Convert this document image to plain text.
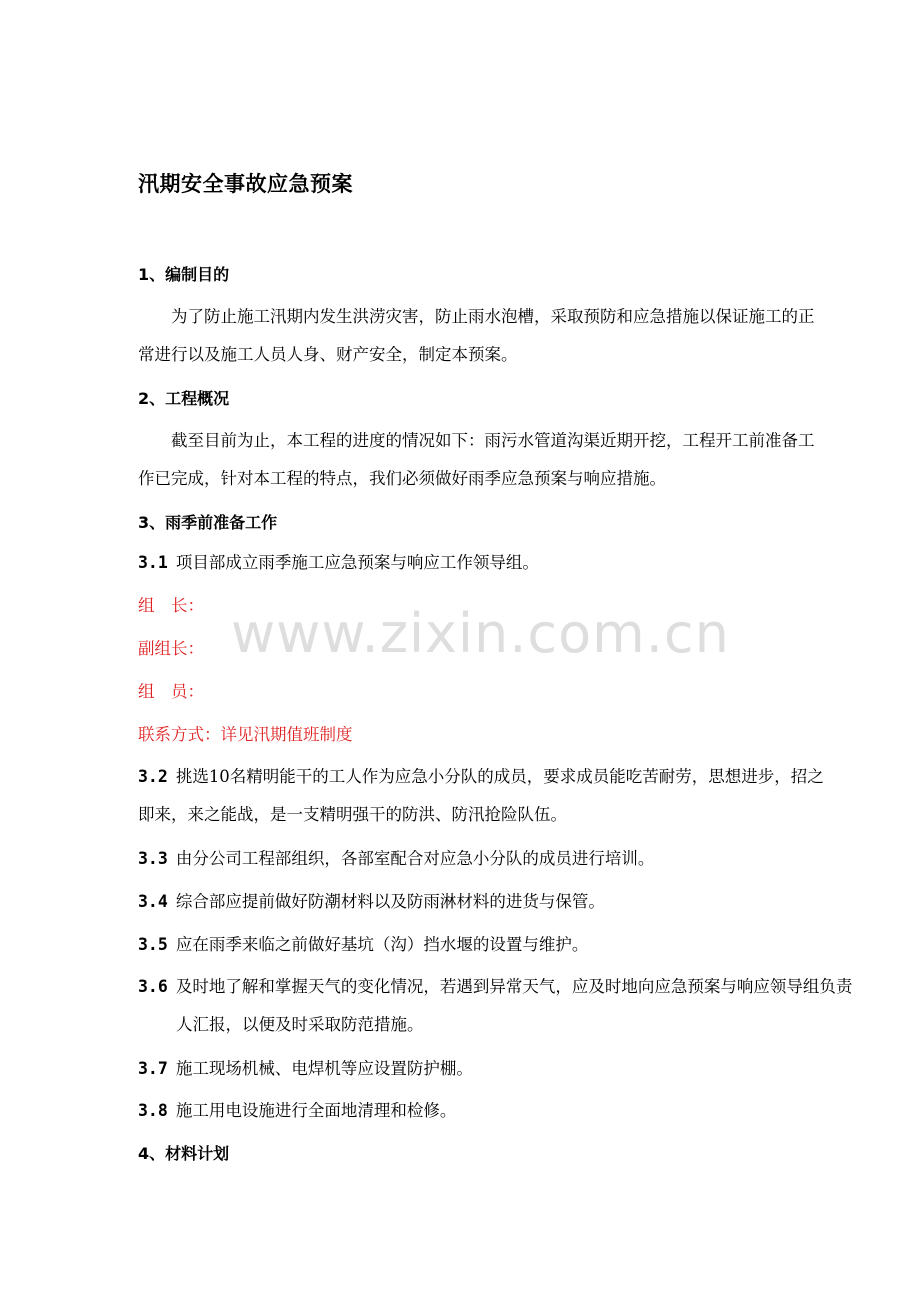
www.zixin.com.cn
汛期安全事故应急预案
1、编制目的
为了防止施工汛期内发生洪涝灾害，防止雨水泡槽，采取预防和应急措施以保证施工的正常进行以及施工人员人身、财产安全，制定本预案。
2、工程概况
截至目前为止，本工程的进度的情况如下：雨污水管道沟渠近期开挖，工程开工前准备工作已完成，针对本工程的特点，我们必须做好雨季应急预案与响应措施。
3、雨季前准备工作
3.1 项目部成立雨季施工应急预案与响应工作领导组。
组　长：
副组长：
组　员：
联系方式：详见汛期值班制度
3.2 挑选10名精明能干的工人作为应急小分队的成员，要求成员能吃苦耐劳，思想进步，招之即来，来之能战，是一支精明强干的防洪、防汛抢险队伍。
3.3 由分公司工程部组织，各部室配合对应急小分队的成员进行培训。
3.4 综合部应提前做好防潮材料以及防雨淋材料的进货与保管。
3.5 应在雨季来临之前做好基坑（沟）挡水堰的设置与维护。
3.6 及时地了解和掌握天气的变化情况，若遇到异常天气，应及时地向应急预案与响应领导组负责人汇报，以便及时采取防范措施。
3.7 施工现场机械、电焊机等应设置防护棚。
3.8 施工用电设施进行全面地清理和检修。
4、材料计划
